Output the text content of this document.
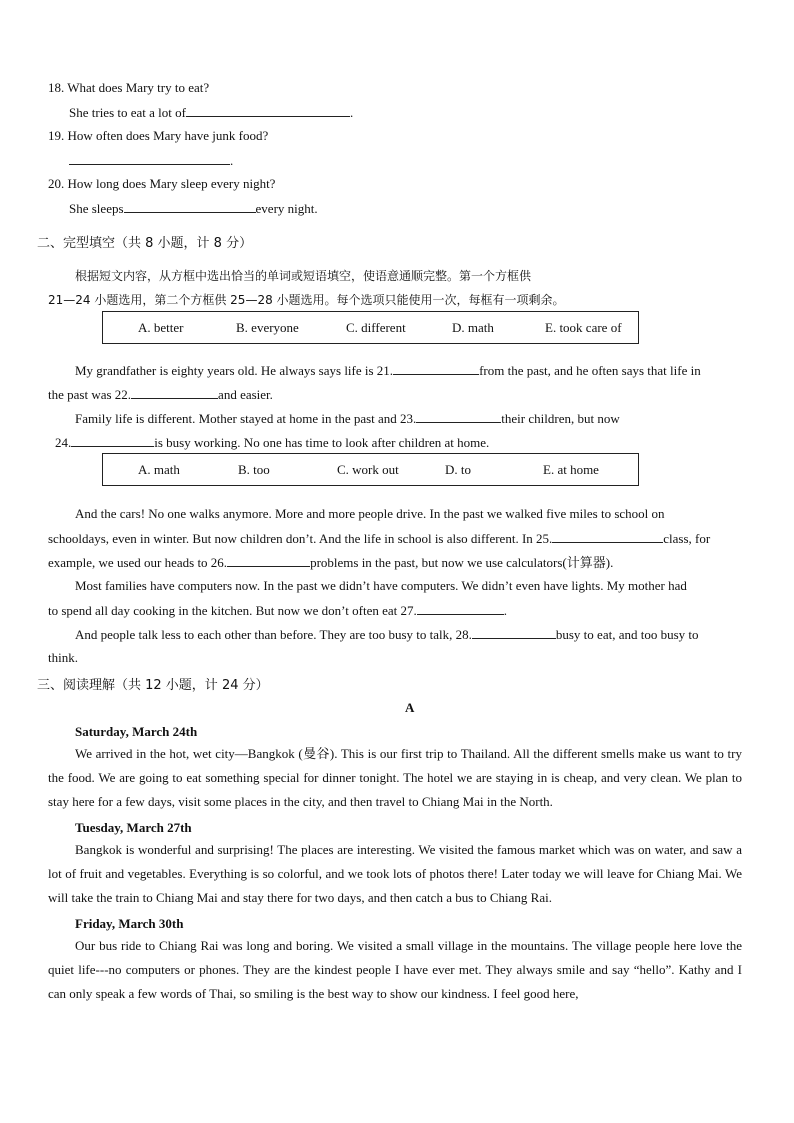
18. What does Mary try to eat?
She tries to eat a lot of	.
19. How often does Mary have junk food?
.
20. How long does Mary sleep every night?
She sleeps	every night.
二、完型填空（共 8 小题，计 8 分）
根据短文内容，从方框中选出恰当的单词或短语填空，使语意通顺完整。第一个方框供
21—24 小题选用，第二个方框供 25—28 小题选用。每个选项只能使用一次，每框有一项剩余。
A. better	B. everyone	C. different	D. math	E. took care of
My grandfather is eighty years old. He always says life is 21.	from the past, and he often says that life in
the past was 22.	and easier.
Family life is different. Mother stayed at home in the past and 23.	their children, but now
24.	is busy working. No one has time to look after children at home.
A. math	B. too	C. work out	D. to	E. at home
And the cars! No one walks anymore. More and more people drive. In the past we walked five miles to school on
schooldays, even in winter. But now children don’t. And the life in school is also different. In 25.	class, for
example, we used our heads to 26.	problems in the past, but now we use calculators(计算器).
Most families have computers now. In the past we didn’t have computers. We didn’t even have lights. My mother had
to spend all day cooking in the kitchen. But now we don’t often eat 27.	.
And people talk less to each other than before. They are too busy to talk, 28.	busy to eat, and too busy to
think.
三、阅读理解（共 12 小题，计 24 分）
A
Saturday, March 24th
We arrived in the hot, wet city—Bangkok (曼谷). This is our first trip to Thailand. All the different smells make us want to try the food. We are going to eat something special for dinner tonight. The hotel we are staying in is cheap, and very clean. We plan to stay here for a few days, visit some places in the city, and then travel to Chiang Mai in the North.
Tuesday, March 27th
Bangkok is wonderful and surprising! The places are interesting. We visited the famous market which was on water, and saw a lot of fruit and vegetables. Everything is so colorful, and we took lots of photos there! Later today we will leave for Chiang Mai. We will take the train to Chiang Mai and stay there for two days, and then catch a bus to Chiang Rai.
Friday, March 30th
Our bus ride to Chiang Rai was long and boring. We visited a small village in the mountains. The village people here love the quiet life---no computers or phones. They are the kindest people I have ever met. They always smile and say “hello”. Kathy and I can only speak a few words of Thai, so smiling is the best way to show our kindness. I feel good here,
